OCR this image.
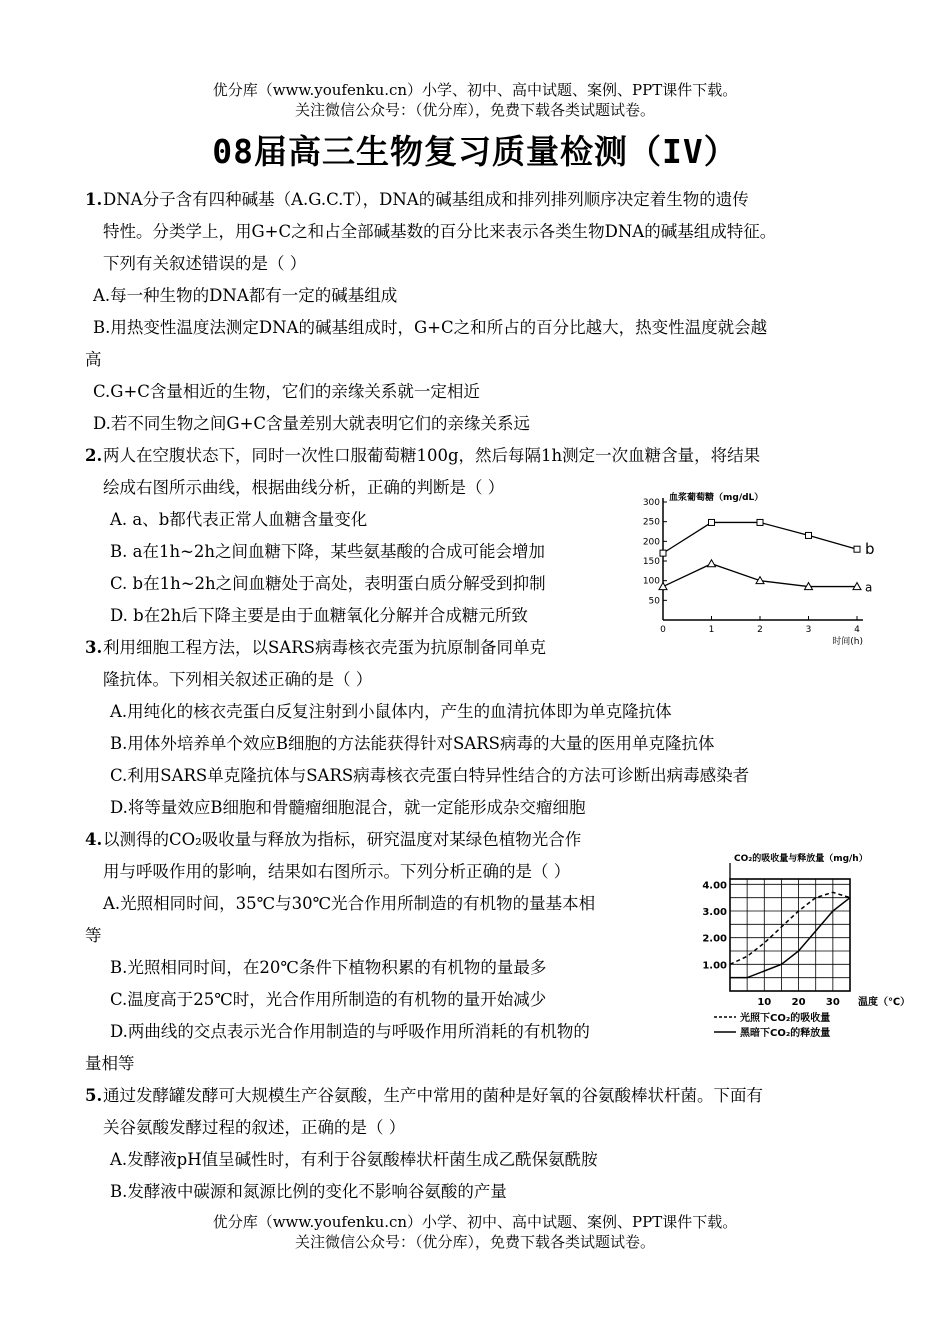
优分库（www.youfenku.cn）小学、初中、高中试题、案例、PPT课件下载。
关注微信公众号：（优分库），免费下载各类试题试卷。
08届高三生物复习质量检测（IV）
1. DNA分子含有四种碱基（A.G.C.T），DNA的碱基组成和排列排列顺序决定着生物的遗传
特性。分类学上，用G+C之和占全部碱基数的百分比来表示各类生物DNA的碱基组成特征。
下列有关叙述错误的是（ ）
A.每一种生物的DNA都有一定的碱基组成
B.用热变性温度法测定DNA的碱基组成时，G+C之和所占的百分比越大，热变性温度就会越
高
C.G+C含量相近的生物，它们的亲缘关系就一定相近
D.若不同生物之间G+C含量差别大就表明它们的亲缘关系远
2. 两人在空腹状态下，同时一次性口服葡萄糖100g，然后每隔1h测定一次血糖含量，将结果
绘成右图所示曲线，根据曲线分析，正确的判断是（ ）
A. a、b都代表正常人血糖含量变化
B. a在1h~2h之间血糖下降，某些氨基酸的合成可能会增加
C. b在1h~2h之间血糖处于高处，表明蛋白质分解受到抑制
D. b在2h后下降主要是由于血糖氧化分解并合成糖元所致
血浆葡萄糖（mg/dL）
50
100
150
200
250
300
0	1	2	3	4
时间(h)
b
a
3. 利用细胞工程方法，以SARS病毒核衣壳蛋为抗原制备同单克
隆抗体。下列相关叙述正确的是（ ）
A.用纯化的核衣壳蛋白反复注射到小鼠体内，产生的血清抗体即为单克隆抗体
B.用体外培养单个效应B细胞的方法能获得针对SARS病毒的大量的医用单克隆抗体
C.利用SARS单克隆抗体与SARS病毒核衣壳蛋白特异性结合的方法可诊断出病毒感染者
D.将等量效应B细胞和骨髓瘤细胞混合，就一定能形成杂交瘤细胞
4. 以测得的CO₂吸收量与释放为指标，研究温度对某绿色植物光合作
用与呼吸作用的影响，结果如右图所示。下列分析正确的是（ ）
A.光照相同时间，35℃与30℃光合作用所制造的有机物的量基本相
等
B.光照相同时间，在20℃条件下植物积累的有机物的量最多
C.温度高于25℃时，光合作用所制造的有机物的量开始减少
D.两曲线的交点表示光合作用制造的与呼吸作用所消耗的有机物的
量相等
CO₂的吸收量与释放量（mg/h）
1.00
2.00
3.00
4.00
10 20 30 温度（℃）
光照下CO₂的吸收量
黑暗下CO₂的释放量
5. 通过发酵罐发酵可大规模生产谷氨酸，生产中常用的菌种是好氧的谷氨酸棒状杆菌。下面有
关谷氨酸发酵过程的叙述，正确的是（ ）
A.发酵液pH值呈碱性时，有利于谷氨酸棒状杆菌生成乙酰保氨酰胺
B.发酵液中碳源和氮源比例的变化不影响谷氨酸的产量
优分库（www.youfenku.cn）小学、初中、高中试题、案例、PPT课件下载。
关注微信公众号：（优分库），免费下载各类试题试卷。
